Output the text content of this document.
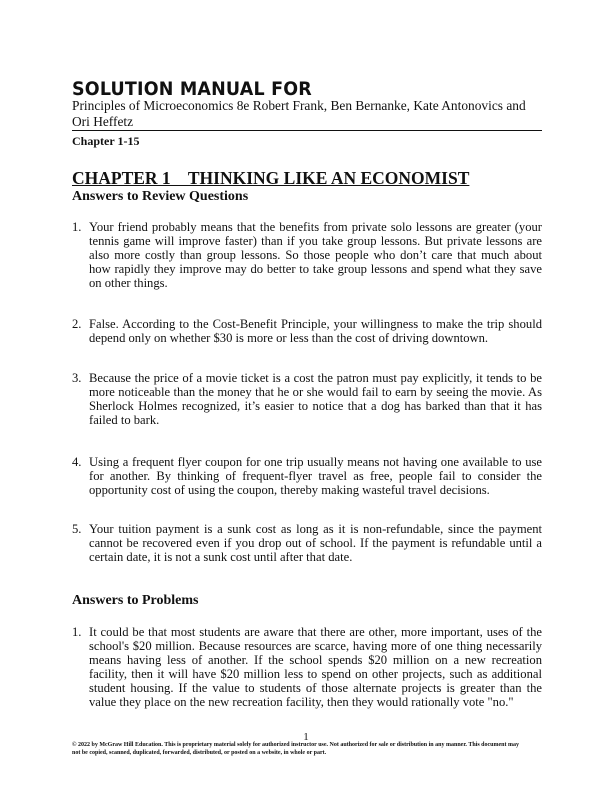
SOLUTION MANUAL FOR
Principles of Microeconomics 8e Robert Frank, Ben Bernanke, Kate Antonovics and Ori Heffetz
Chapter 1-15
CHAPTER 1    THINKING LIKE AN ECONOMIST
Answers to Review Questions
1. Your friend probably means that the benefits from private solo lessons are greater (your tennis game will improve faster) than if you take group lessons. But private lessons are also more costly than group lessons. So those people who don’t care that much about how rapidly they improve may do better to take group lessons and spend what they save on other things.
2. False. According to the Cost-Benefit Principle, your willingness to make the trip should depend only on whether $30 is more or less than the cost of driving downtown.
3. Because the price of a movie ticket is a cost the patron must pay explicitly, it tends to be more noticeable than the money that he or she would fail to earn by seeing the movie. As Sherlock Holmes recognized, it’s easier to notice that a dog has barked than that it has failed to bark.
4. Using a frequent flyer coupon for one trip usually means not having one available to use for another. By thinking of frequent-flyer travel as free, people fail to consider the opportunity cost of using the coupon, thereby making wasteful travel decisions.
5. Your tuition payment is a sunk cost as long as it is non-refundable, since the payment cannot be recovered even if you drop out of school. If the payment is refundable until a certain date, it is not a sunk cost until after that date.
Answers to Problems
1. It could be that most students are aware that there are other, more important, uses of the school's $20 million. Because resources are scarce, having more of one thing necessarily means having less of another. If the school spends $20 million on a new recreation facility, then it will have $20 million less to spend on other projects, such as additional student housing. If the value to students of those alternate projects is greater than the value they place on the new recreation facility, then they would rationally vote "no."
1
© 2022 by McGraw Hill Education. This is proprietary material solely for authorized instructor use. Not authorized for sale or distribution in any manner. This document may not be copied, scanned, duplicated, forwarded, distributed, or posted on a website, in whole or part.
